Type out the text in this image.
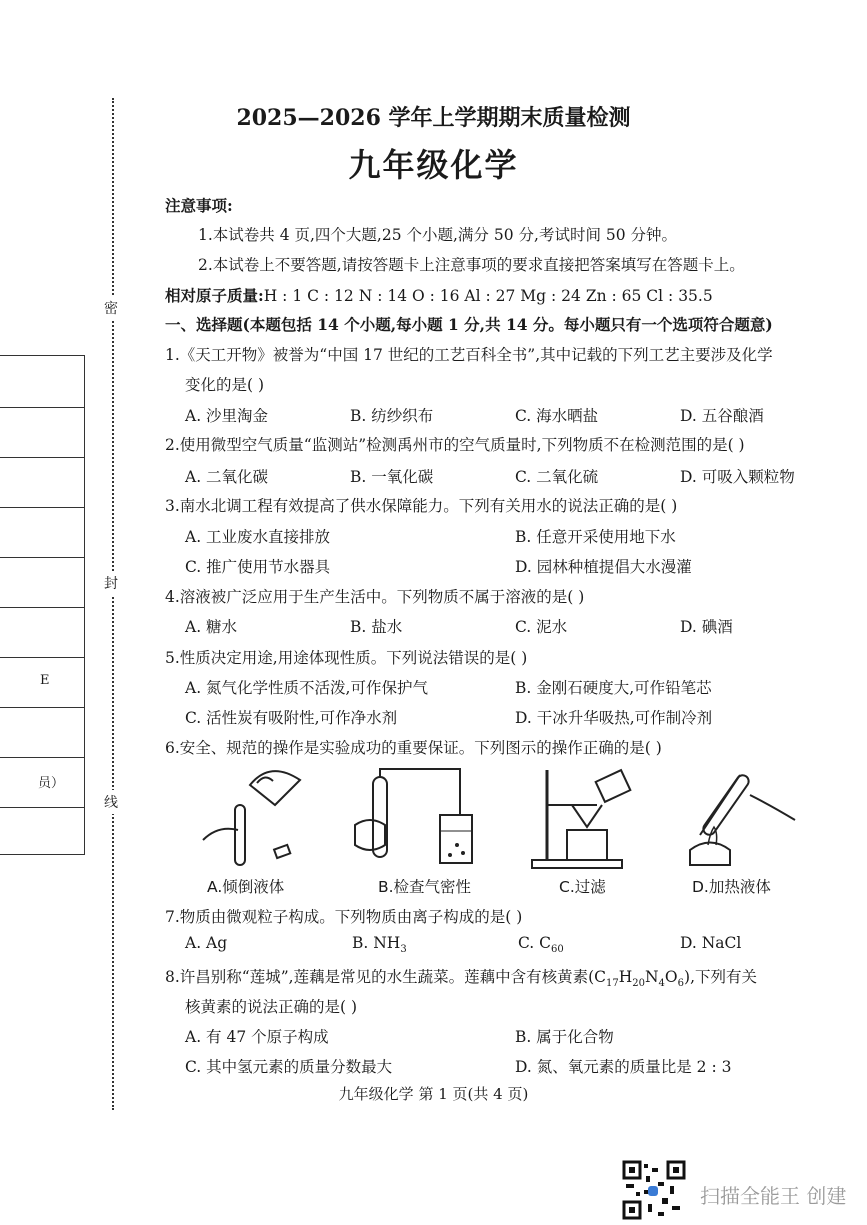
密
封
线
E
员）
2025—2026 学年上学期期末质量检测
九年级化学
注意事项:
1.本试卷共 4 页,四个大题,25 个小题,满分 50 分,考试时间 50 分钟。
2.本试卷上不要答题,请按答题卡上注意事项的要求直接把答案填写在答题卡上。
相对原子质量:H : 1 C : 12 N : 14 O : 16 Al : 27 Mg : 24 Zn : 65 Cl : 35.5
一、选择题(本题包括 14 个小题,每小题 1 分,共 14 分。每小题只有一个选项符合题意)
1.《天工开物》被誉为“中国 17 世纪的工艺百科全书”,其中记载的下列工艺主要涉及化学
变化的是( )
A. 沙里淘金	B. 纺纱织布	C. 海水晒盐	D. 五谷酿酒
2.使用微型空气质量“监测站”检测禹州市的空气质量时,下列物质不在检测范围的是( )
A. 二氧化碳	B. 一氧化碳	C. 二氧化硫	D. 可吸入颗粒物
3.南水北调工程有效提高了供水保障能力。下列有关用水的说法正确的是( )
A. 工业废水直接排放	B. 任意开采使用地下水
C. 推广使用节水器具	D. 园林种植提倡大水漫灌
4.溶液被广泛应用于生产生活中。下列物质不属于溶液的是( )
A. 糖水	B. 盐水	C. 泥水	D. 碘酒
5.性质决定用途,用途体现性质。下列说法错误的是( )
A. 氮气化学性质不活泼,可作保护气	B. 金刚石硬度大,可作铅笔芯
C. 活性炭有吸附性,可作净水剂	D. 干冰升华吸热,可作制冷剂
6.安全、规范的操作是实验成功的重要保证。下列图示的操作正确的是( )
A.倾倒液体	B.检查气密性	C.过滤	D.加热液体
7.物质由微观粒子构成。下列物质由离子构成的是( )
A. Ag	B. $NH_3$	C. $C_{60}$	D. NaCl
8.许昌别称“莲城”,莲藕是常见的水生蔬菜。莲藕中含有核黄素$(C_{17}H_{20}N_4O_6)$,下列有关
核黄素的说法正确的是( )
A. 有 47 个原子构成	B. 属于化合物
C. 其中氢元素的质量分数最大	D. 氮、氧元素的质量比是 2 : 3
九年级化学 第 1 页(共 4 页)
扫描全能王 创建
